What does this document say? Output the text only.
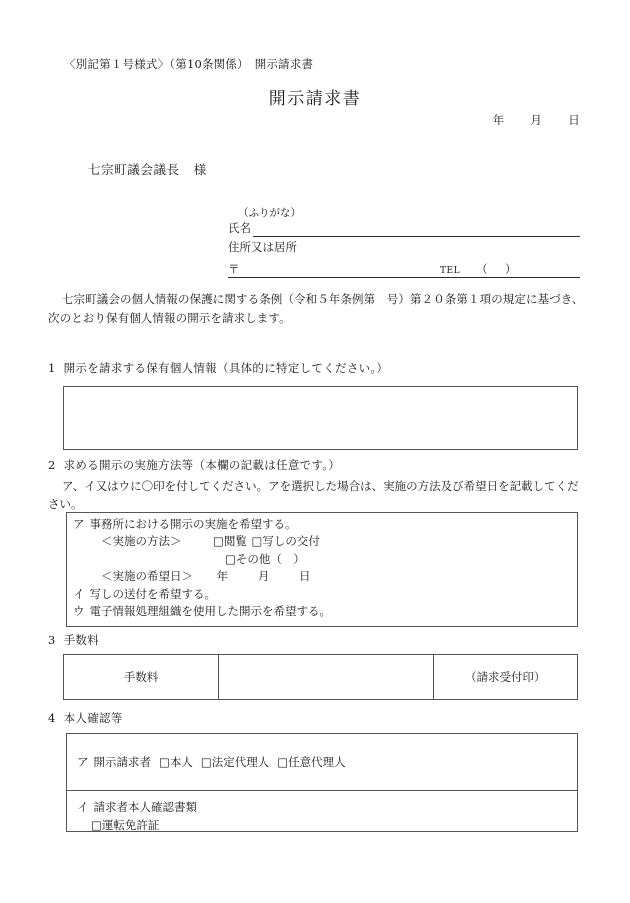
〈別記第１号様式〉（第10条関係）　開示請求書
開示請求書
年 月 日
七宗町議会議長 様
（ふりがな）
氏名
住所又は居所
〒	TEL （　）
七宗町議会の個人情報の保護に関する条例（令和５年条例第　号）第２０条第１項の規定に基づき、次のとおり保有個人情報の開示を請求します。
1 開示を請求する保有個人情報（具体的に特定してください。）
2 求める開示の実施方法等（本欄の記載は任意です。）
ア、イ又はウに〇印を付してください。アを選択した場合は、実施の方法及び希望日を記載してください。
ア 事務所における開示の実施を希望する。
＜実施の方法＞	□閲覧 □写しの交付
□その他（　）
＜実施の希望日＞ 年	月	日
イ 写しの送付を希望する。
ウ 電子情報処理組織を使用した開示を希望する。
3 手数料
手数料		（請求受付印）
4 本人確認等
ア 開示請求者 □本人 □法定代理人 □任意代理人
イ 請求者本人確認書類
□運転免許証
